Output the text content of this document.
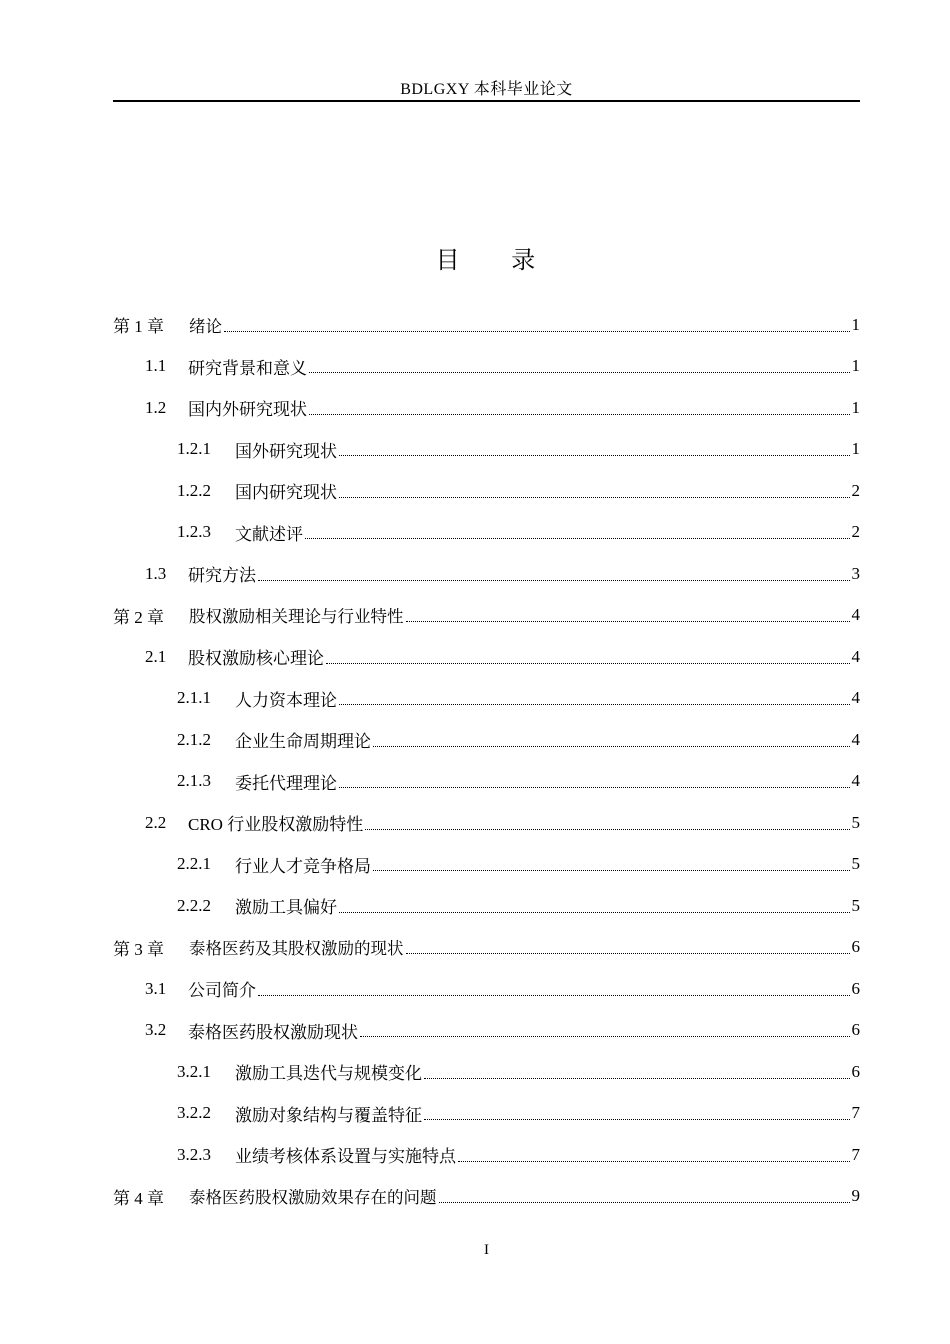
BDLGXY 本科毕业论文
目 录
第 1 章	绪论	1
1.1	研究背景和意义	1
1.2	国内外研究现状	1
1.2.1	国外研究现状	1
1.2.2	国内研究现状	2
1.2.3	文献述评	2
1.3	研究方法	3
第 2 章	股权激励相关理论与行业特性	4
2.1	股权激励核心理论	4
2.1.1	人力资本理论	4
2.1.2	企业生命周期理论	4
2.1.3	委托代理理论	4
2.2	CRO 行业股权激励特性	5
2.2.1	行业人才竞争格局	5
2.2.2	激励工具偏好	5
第 3 章	泰格医药及其股权激励的现状	6
3.1	公司简介	6
3.2	泰格医药股权激励现状	6
3.2.1	激励工具迭代与规模变化	6
3.2.2	激励对象结构与覆盖特征	7
3.2.3	业绩考核体系设置与实施特点	7
第 4 章	泰格医药股权激励效果存在的问题	9
I
